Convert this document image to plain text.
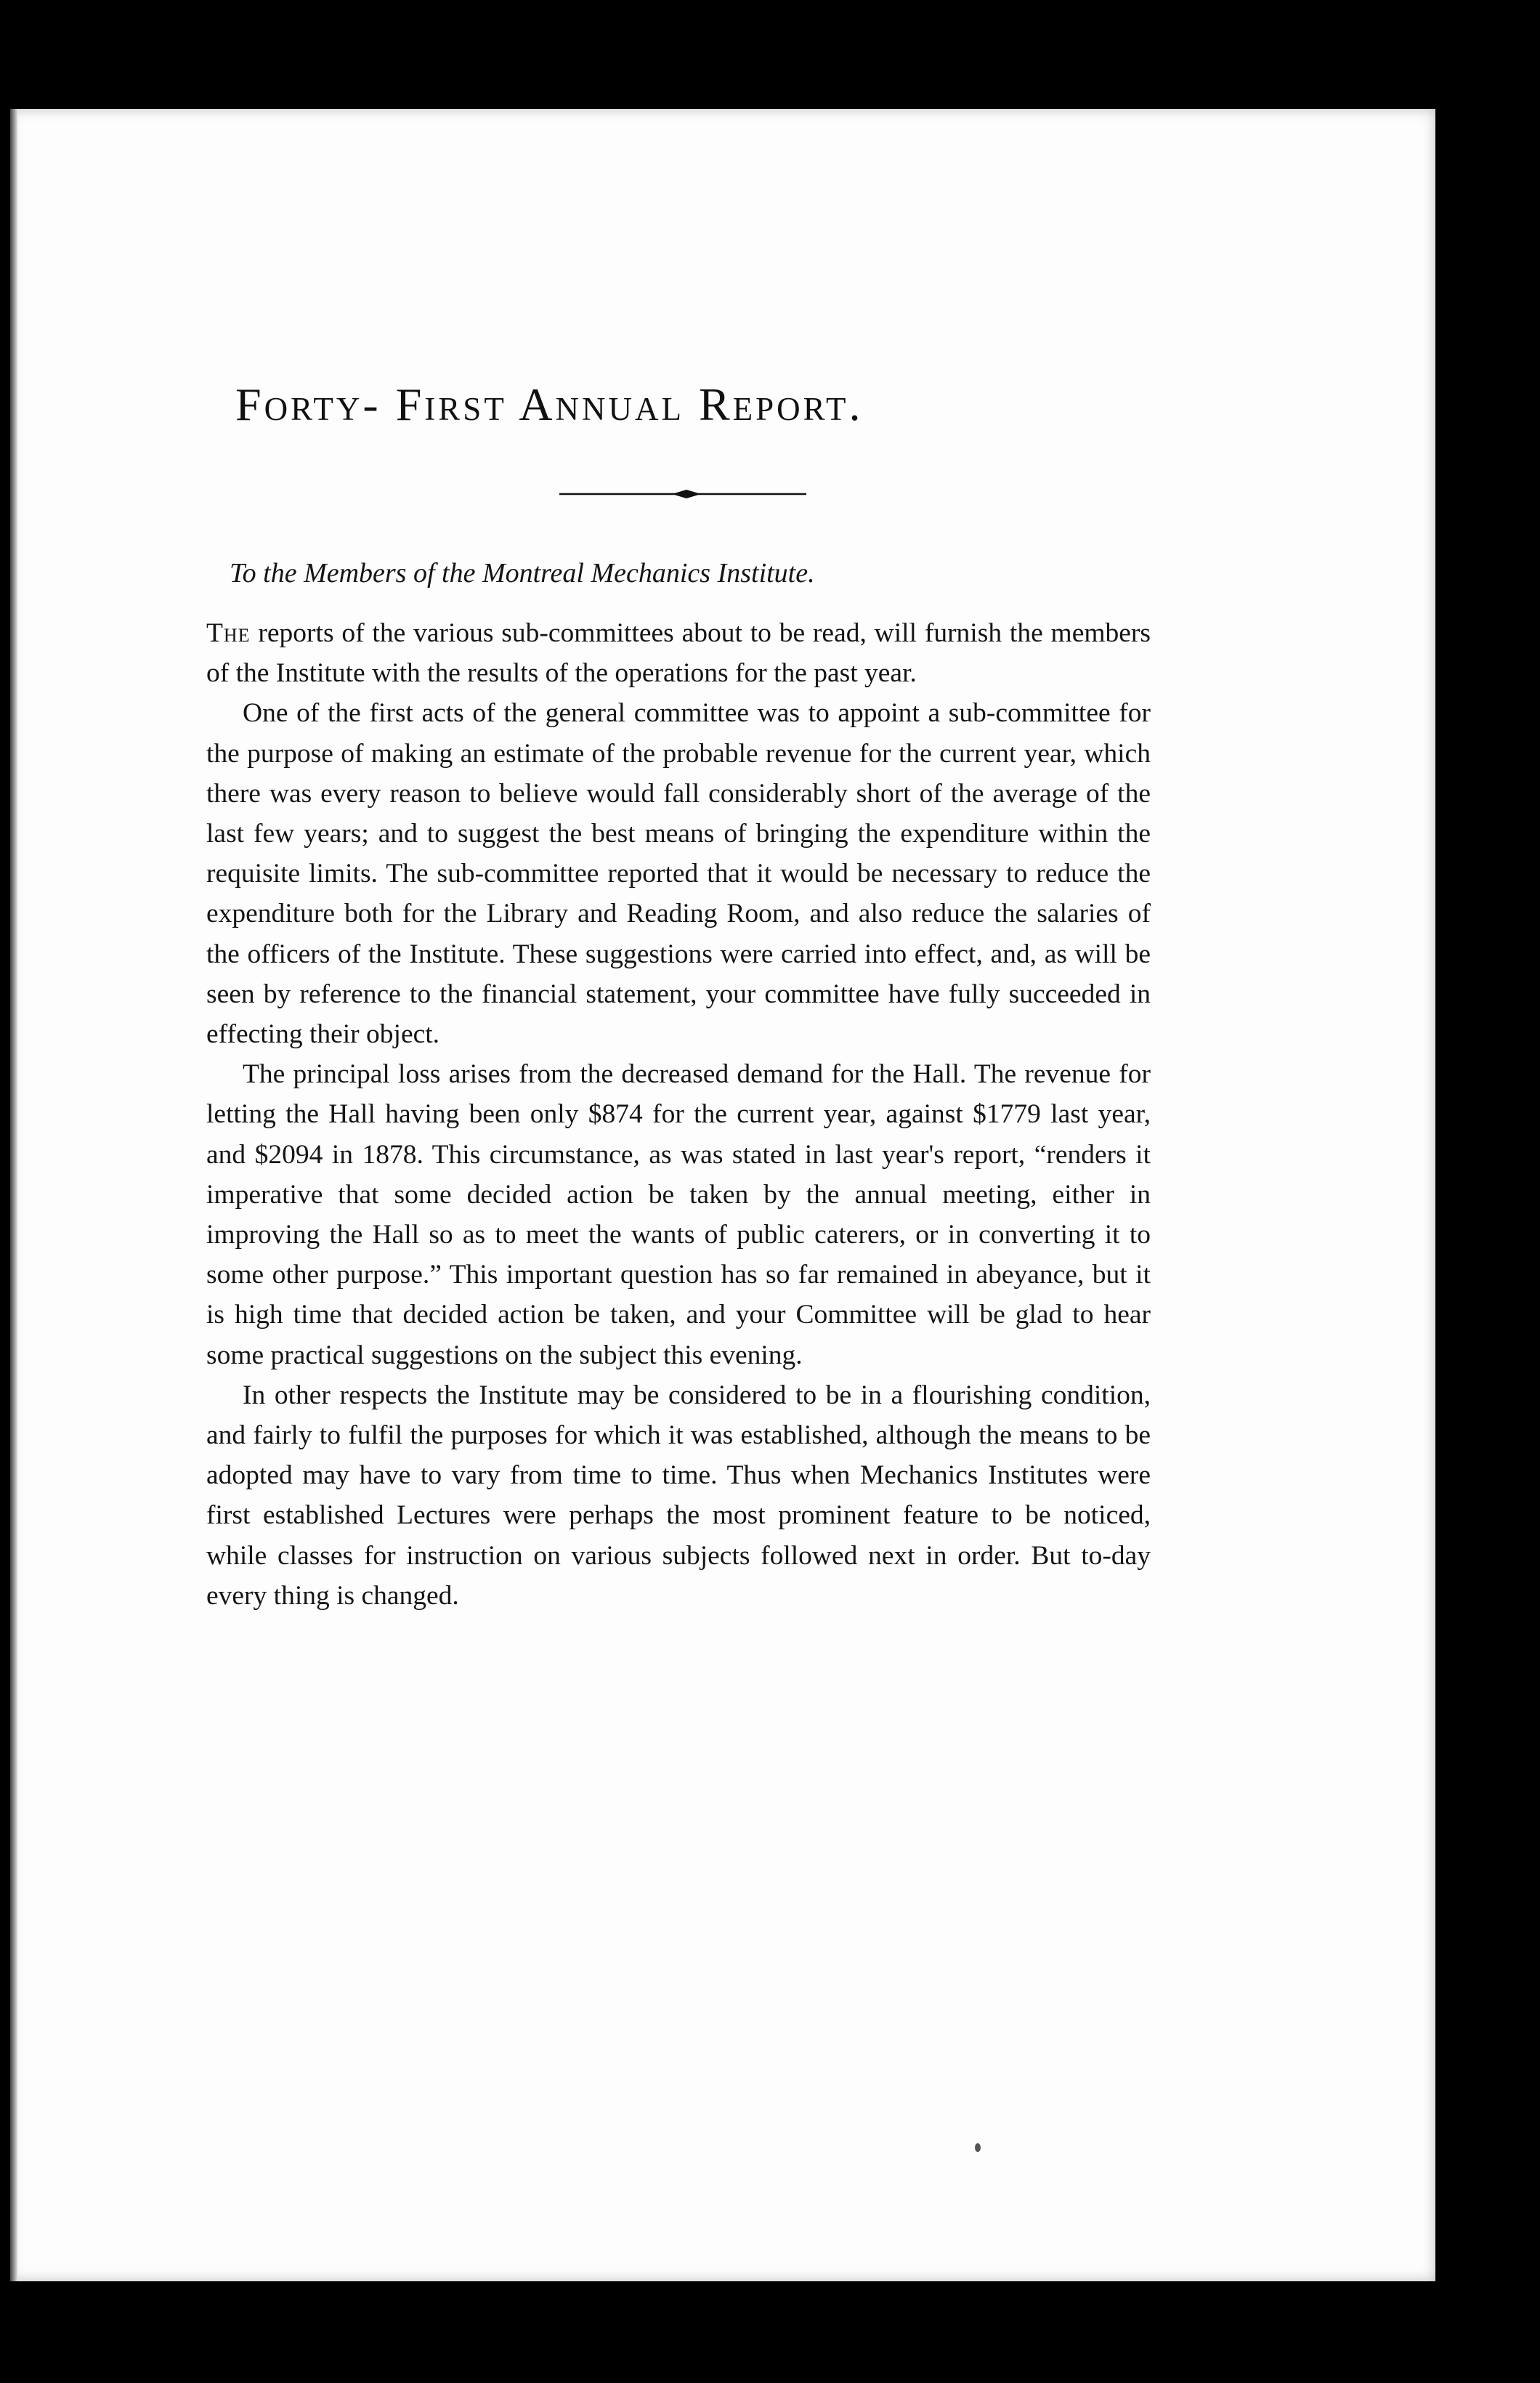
Forty- First Annual Report.

To the Members of the Montreal Mechanics Institute.

The reports of the various sub-committees about to be read, will furnish the members of the Institute with the results of the operations for the past year.

One of the first acts of the general committee was to appoint a sub-committee for the purpose of making an estimate of the probable revenue for the current year, which there was every reason to believe would fall considerably short of the average of the last few years; and to suggest the best means of bringing the expenditure within the requisite limits. The sub-committee reported that it would be necessary to reduce the expenditure both for the Library and Reading Room, and also reduce the salaries of the officers of the Institute. These suggestions were carried into effect, and, as will be seen by reference to the financial statement, your committee have fully succeeded in effecting their object.

The principal loss arises from the decreased demand for the Hall. The revenue for letting the Hall having been only $874 for the current year, against $1779 last year, and $2094 in 1878. This circumstance, as was stated in last year's report, “renders it imperative that some decided action be taken by the annual meeting, either in improving the Hall so as to meet the wants of public caterers, or in converting it to some other purpose.” This important question has so far remained in abeyance, but it is high time that decided action be taken, and your Committee will be glad to hear some practical suggestions on the subject this evening.

In other respects the Institute may be considered to be in a flourishing condition, and fairly to fulfil the purposes for which it was established, although the means to be adopted may have to vary from time to time. Thus when Mechanics Institutes were first established Lectures were perhaps the most prominent feature to be noticed, while classes for instruction on various subjects followed next in order. But to-day every thing is changed.
